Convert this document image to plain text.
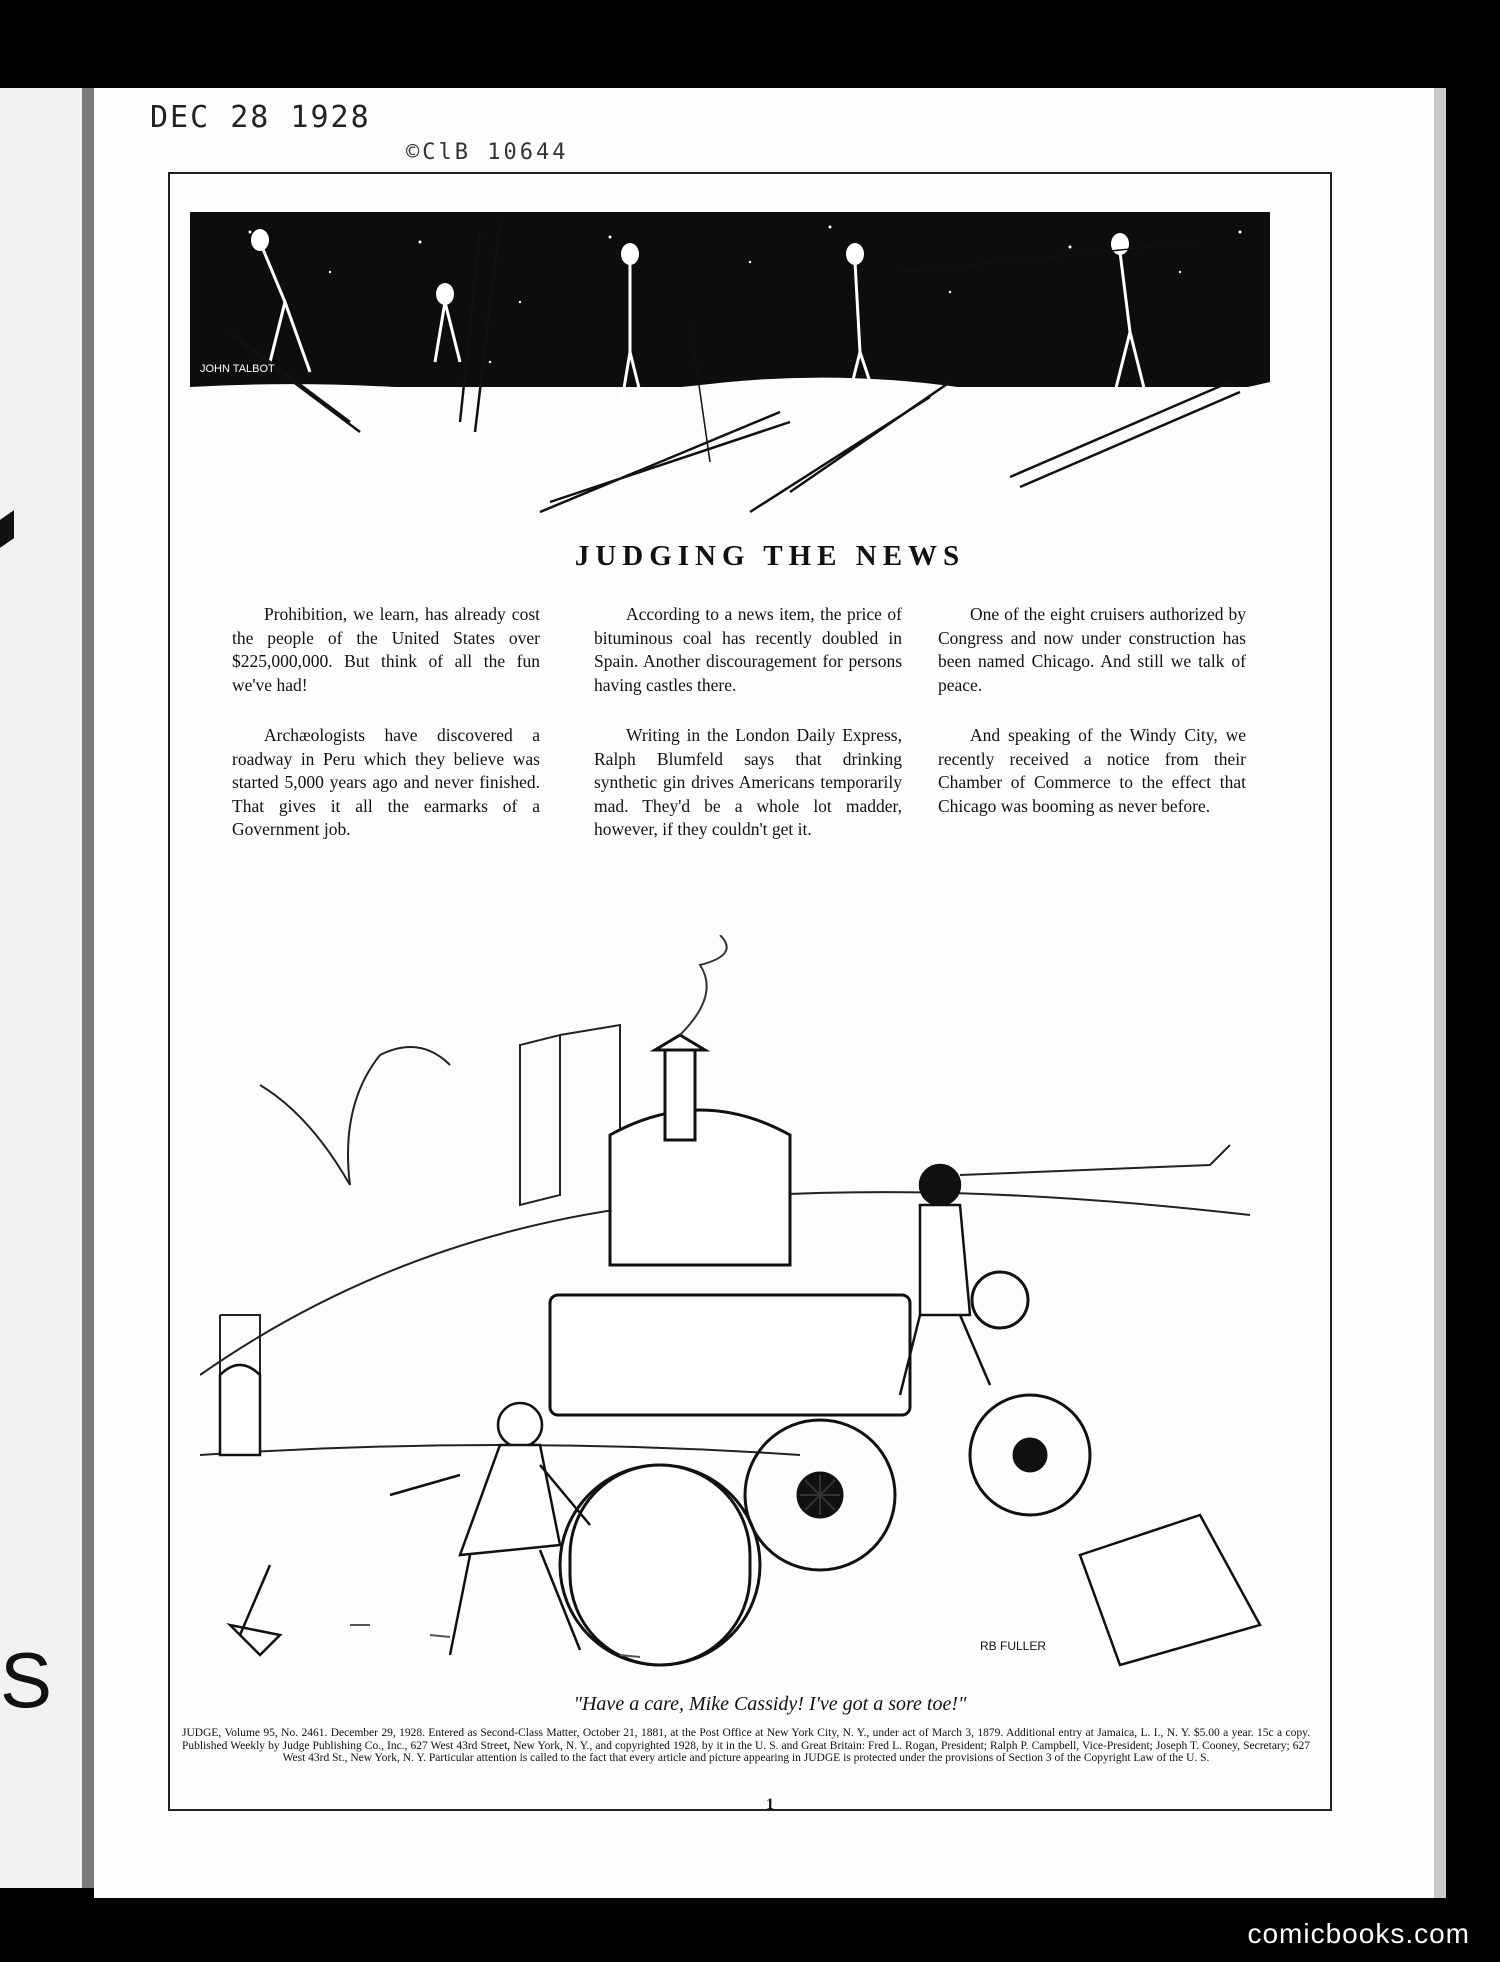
S
DEC 28 1928
©ClB 10644
JOHN TALBOT
JUDGING THE NEWS

Prohibition, we learn, has already cost the people of the United States over $225,000,000. But think of all the fun we've had!

Archæologists have discovered a roadway in Peru which they believe was started 5,000 years ago and never finished. That gives it all the earmarks of a Government job.

According to a news item, the price of bituminous coal has recently doubled in Spain. Another discouragement for persons having castles there.

Writing in the London Daily Express, Ralph Blumfeld says that drinking synthetic gin drives Americans temporarily mad. They'd be a whole lot madder, however, if they couldn't get it.

One of the eight cruisers authorized by Congress and now under construction has been named Chicago. And still we talk of peace.

And speaking of the Windy City, we recently received a notice from their Chamber of Commerce to the effect that Chicago was booming as never before.

RB FULLER
"Have a care, Mike Cassidy! I've got a sore toe!"
JUDGE, Volume 95, No. 2461. December 29, 1928. Entered as Second-Class Matter, October 21, 1881, at the Post Office at New York City, N. Y., under act of March 3, 1879. Additional entry at Jamaica, L. I., N. Y. $5.00 a year. 15c a copy. Published Weekly by Judge Publishing Co., Inc., 627 West 43rd Street, New York, N. Y., and copyrighted 1928, by it in the U. S. and Great Britain: Fred L. Rogan, President; Ralph P. Campbell, Vice-President; Joseph T. Cooney, Secretary; 627 West 43rd St., New York, N. Y. Particular attention is called to the fact that every article and picture appearing in JUDGE is protected under the provisions of Section 3 of the Copyright Law of the U. S.
1
comicbooks.com
